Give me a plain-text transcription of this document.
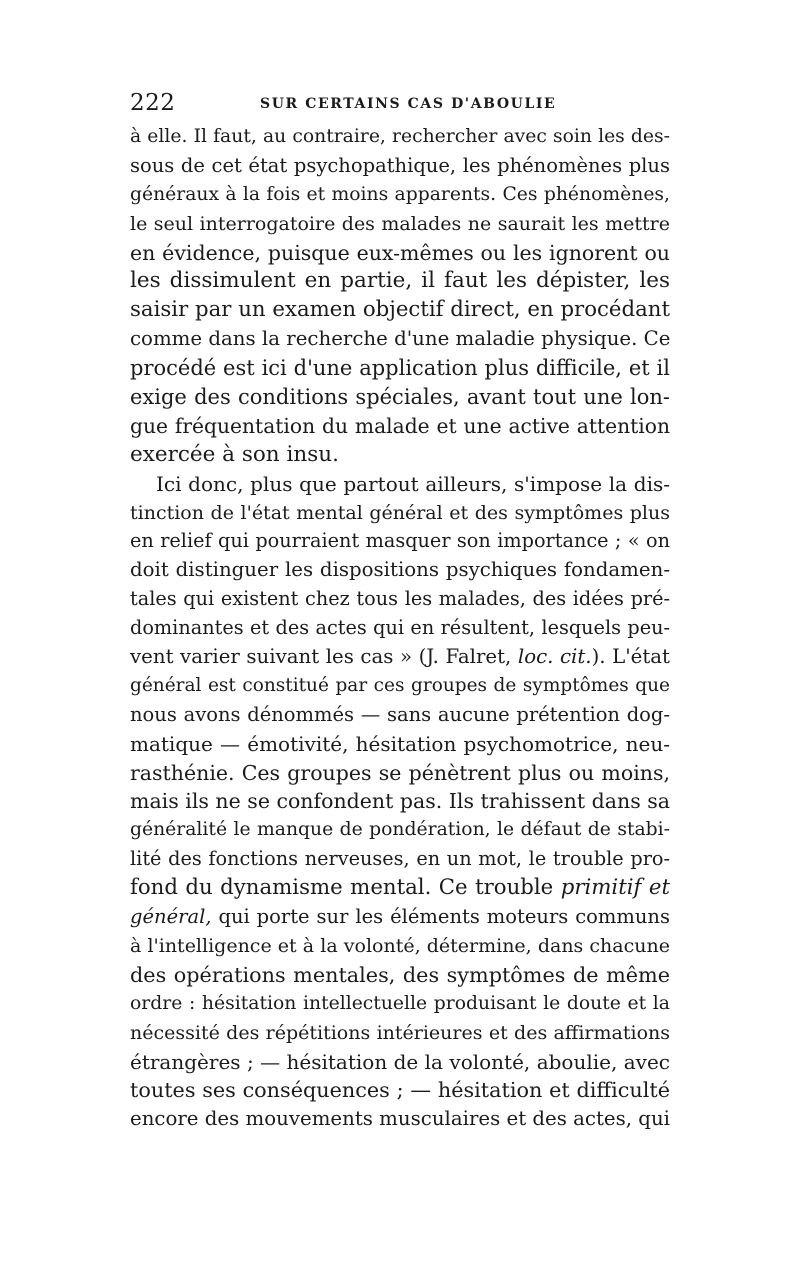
222	SUR CERTAINS CAS D'ABOULIE
à elle. Il faut, au contraire, rechercher avec soin les des-
sous de cet état psychopathique, les phénomènes plus
généraux à la fois et moins apparents. Ces phénomènes,
le seul interrogatoire des malades ne saurait les mettre
en évidence, puisque eux-mêmes ou les ignorent ou
les dissimulent en partie, il faut les dépister, les
saisir par un examen objectif direct, en procédant
comme dans la recherche d'une maladie physique. Ce
procédé est ici d'une application plus difficile, et il
exige des conditions spéciales, avant tout une lon-
gue fréquentation du malade et une active attention
exercée à son insu.
Ici donc, plus que partout ailleurs, s'impose la dis-
tinction de l'état mental général et des symptômes plus
en relief qui pourraient masquer son importance ; « on
doit distinguer les dispositions psychiques fondamen-
tales qui existent chez tous les malades, des idées pré-
dominantes et des actes qui en résultent, lesquels peu-
vent varier suivant les cas » (J. Falret, loc. cit.). L'état
général est constitué par ces groupes de symptômes que
nous avons dénommés — sans aucune prétention dog-
matique — émotivité, hésitation psychomotrice, neu-
rasthénie. Ces groupes se pénètrent plus ou moins,
mais ils ne se confondent pas. Ils trahissent dans sa
généralité le manque de pondération, le défaut de stabi-
lité des fonctions nerveuses, en un mot, le trouble pro-
fond du dynamisme mental. Ce trouble primitif et
général, qui porte sur les éléments moteurs communs
à l'intelligence et à la volonté, détermine, dans chacune
des opérations mentales, des symptômes de même
ordre : hésitation intellectuelle produisant le doute et la
nécessité des répétitions intérieures et des affirmations
étrangères ; — hésitation de la volonté, aboulie, avec
toutes ses conséquences ; — hésitation et difficulté
encore des mouvements musculaires et des actes, qui
